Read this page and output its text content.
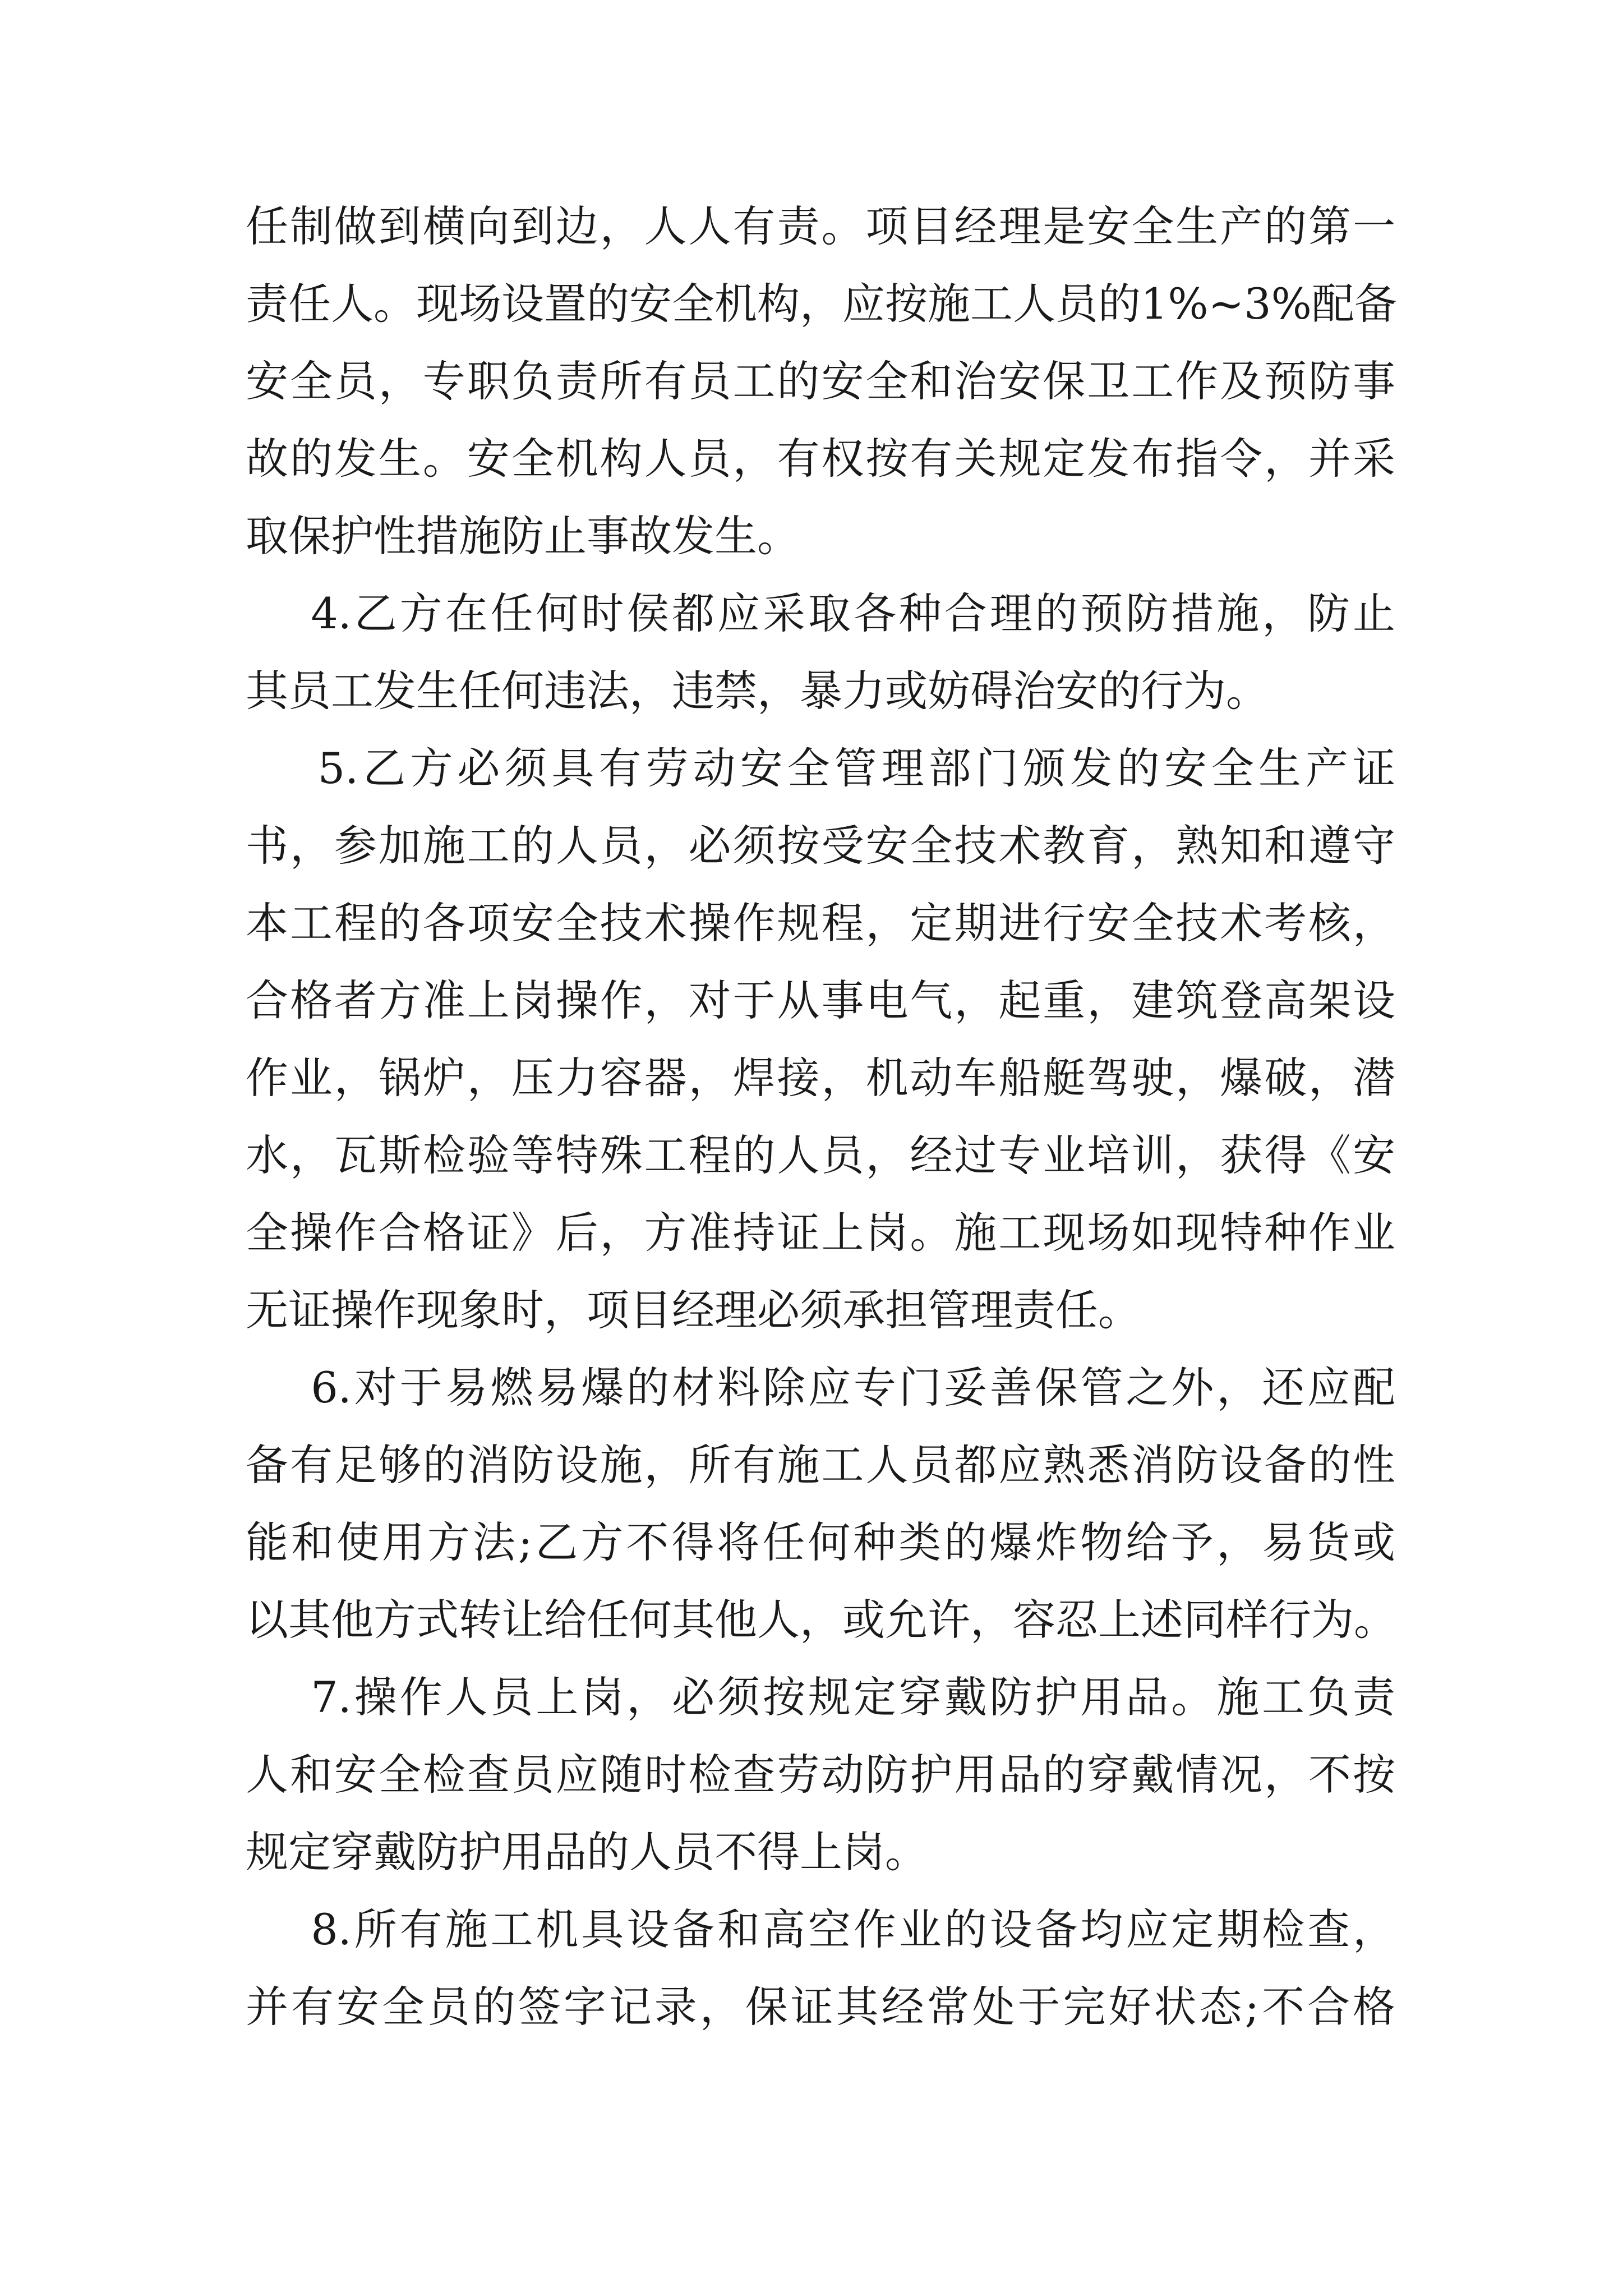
任制做到横向到边，人人有责。项目经理是安全生产的第一
责任人。现场设置的安全机构，应按施工人员的1%~3%配备
安全员，专职负责所有员工的安全和治安保卫工作及预防事
故的发生。安全机构人员，有权按有关规定发布指令，并采
取保护性措施防止事故发生。
4.乙方在任何时侯都应采取各种合理的预防措施，防止
其员工发生任何违法，违禁，暴力或妨碍治安的行为。
5.乙方必须具有劳动安全管理部门颁发的安全生产证
书，参加施工的人员，必须按受安全技术教育，熟知和遵守
本工程的各项安全技术操作规程，定期进行安全技术考核，
合格者方准上岗操作，对于从事电气，起重，建筑登高架设
作业，锅炉，压力容器，焊接，机动车船艇驾驶，爆破，潜
水，瓦斯检验等特殊工程的人员，经过专业培训，获得《安
全操作合格证》后，方准持证上岗。施工现场如现特种作业
无证操作现象时，项目经理必须承担管理责任。
6.对于易燃易爆的材料除应专门妥善保管之外，还应配
备有足够的消防设施，所有施工人员都应熟悉消防设备的性
能和使用方法;乙方不得将任何种类的爆炸物给予，易货或
以其他方式转让给任何其他人，或允许，容忍上述同样行为。
7.操作人员上岗，必须按规定穿戴防护用品。施工负责
人和安全检查员应随时检查劳动防护用品的穿戴情况，不按
规定穿戴防护用品的人员不得上岗。
8.所有施工机具设备和高空作业的设备均应定期检查，
并有安全员的签字记录，保证其经常处于完好状态;不合格
